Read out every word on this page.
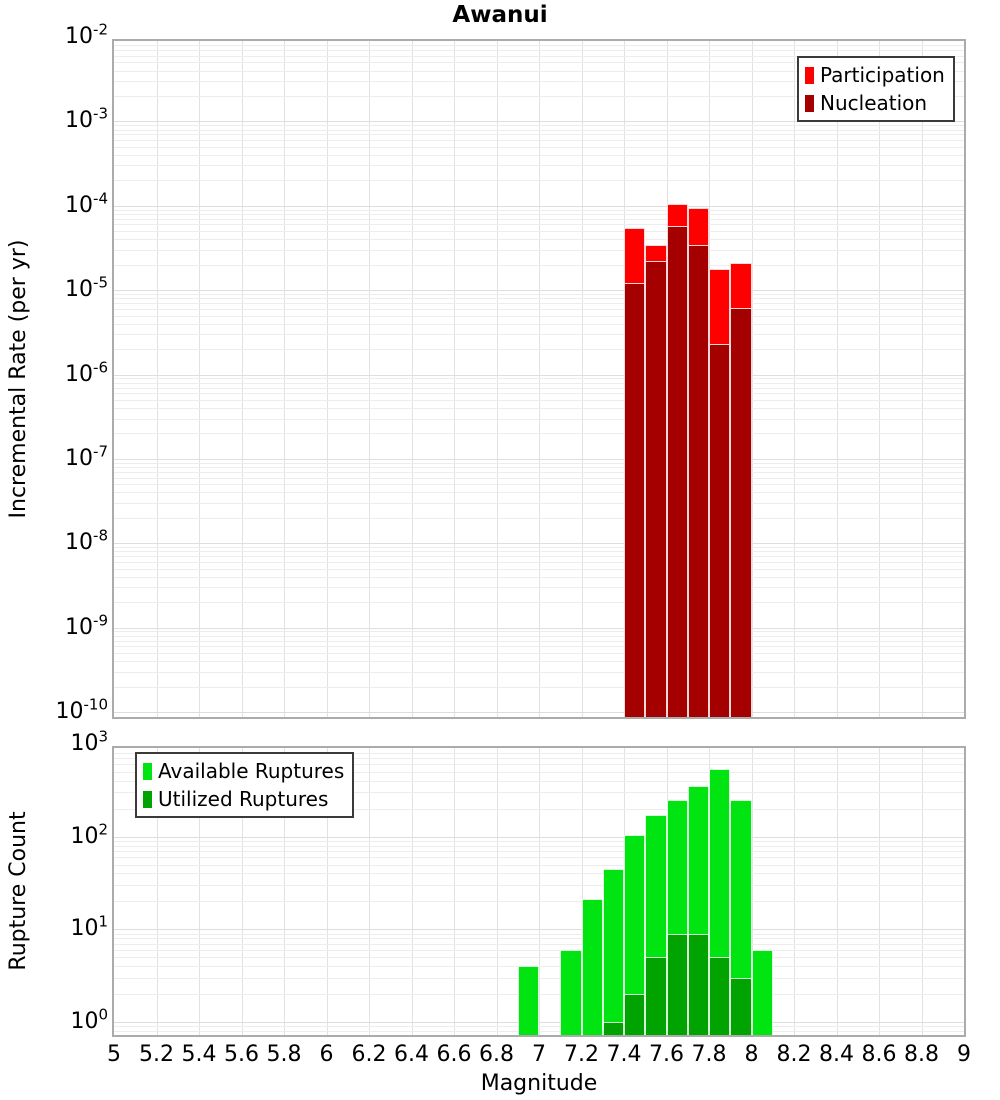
Awanui
Incremental Rate (per yr)
Rupture Count
Magnitude
Participation
Nucleation
Available Ruptures
Utilized Ruptures
$10^{-2}$
$10^{-3}$
$10^{-4}$
$10^{-5}$
$10^{-6}$
$10^{-7}$
$10^{-8}$
$10^{-9}$
$10^{-10}$
$10^3$
$10^2$
$10^1$
$10^0$
5 5.2 5.4 5.6 5.8 6 6.2 6.4 6.6 6.8 7 7.2 7.4 7.6 7.8 8 8.2 8.4 8.6 8.8 9
